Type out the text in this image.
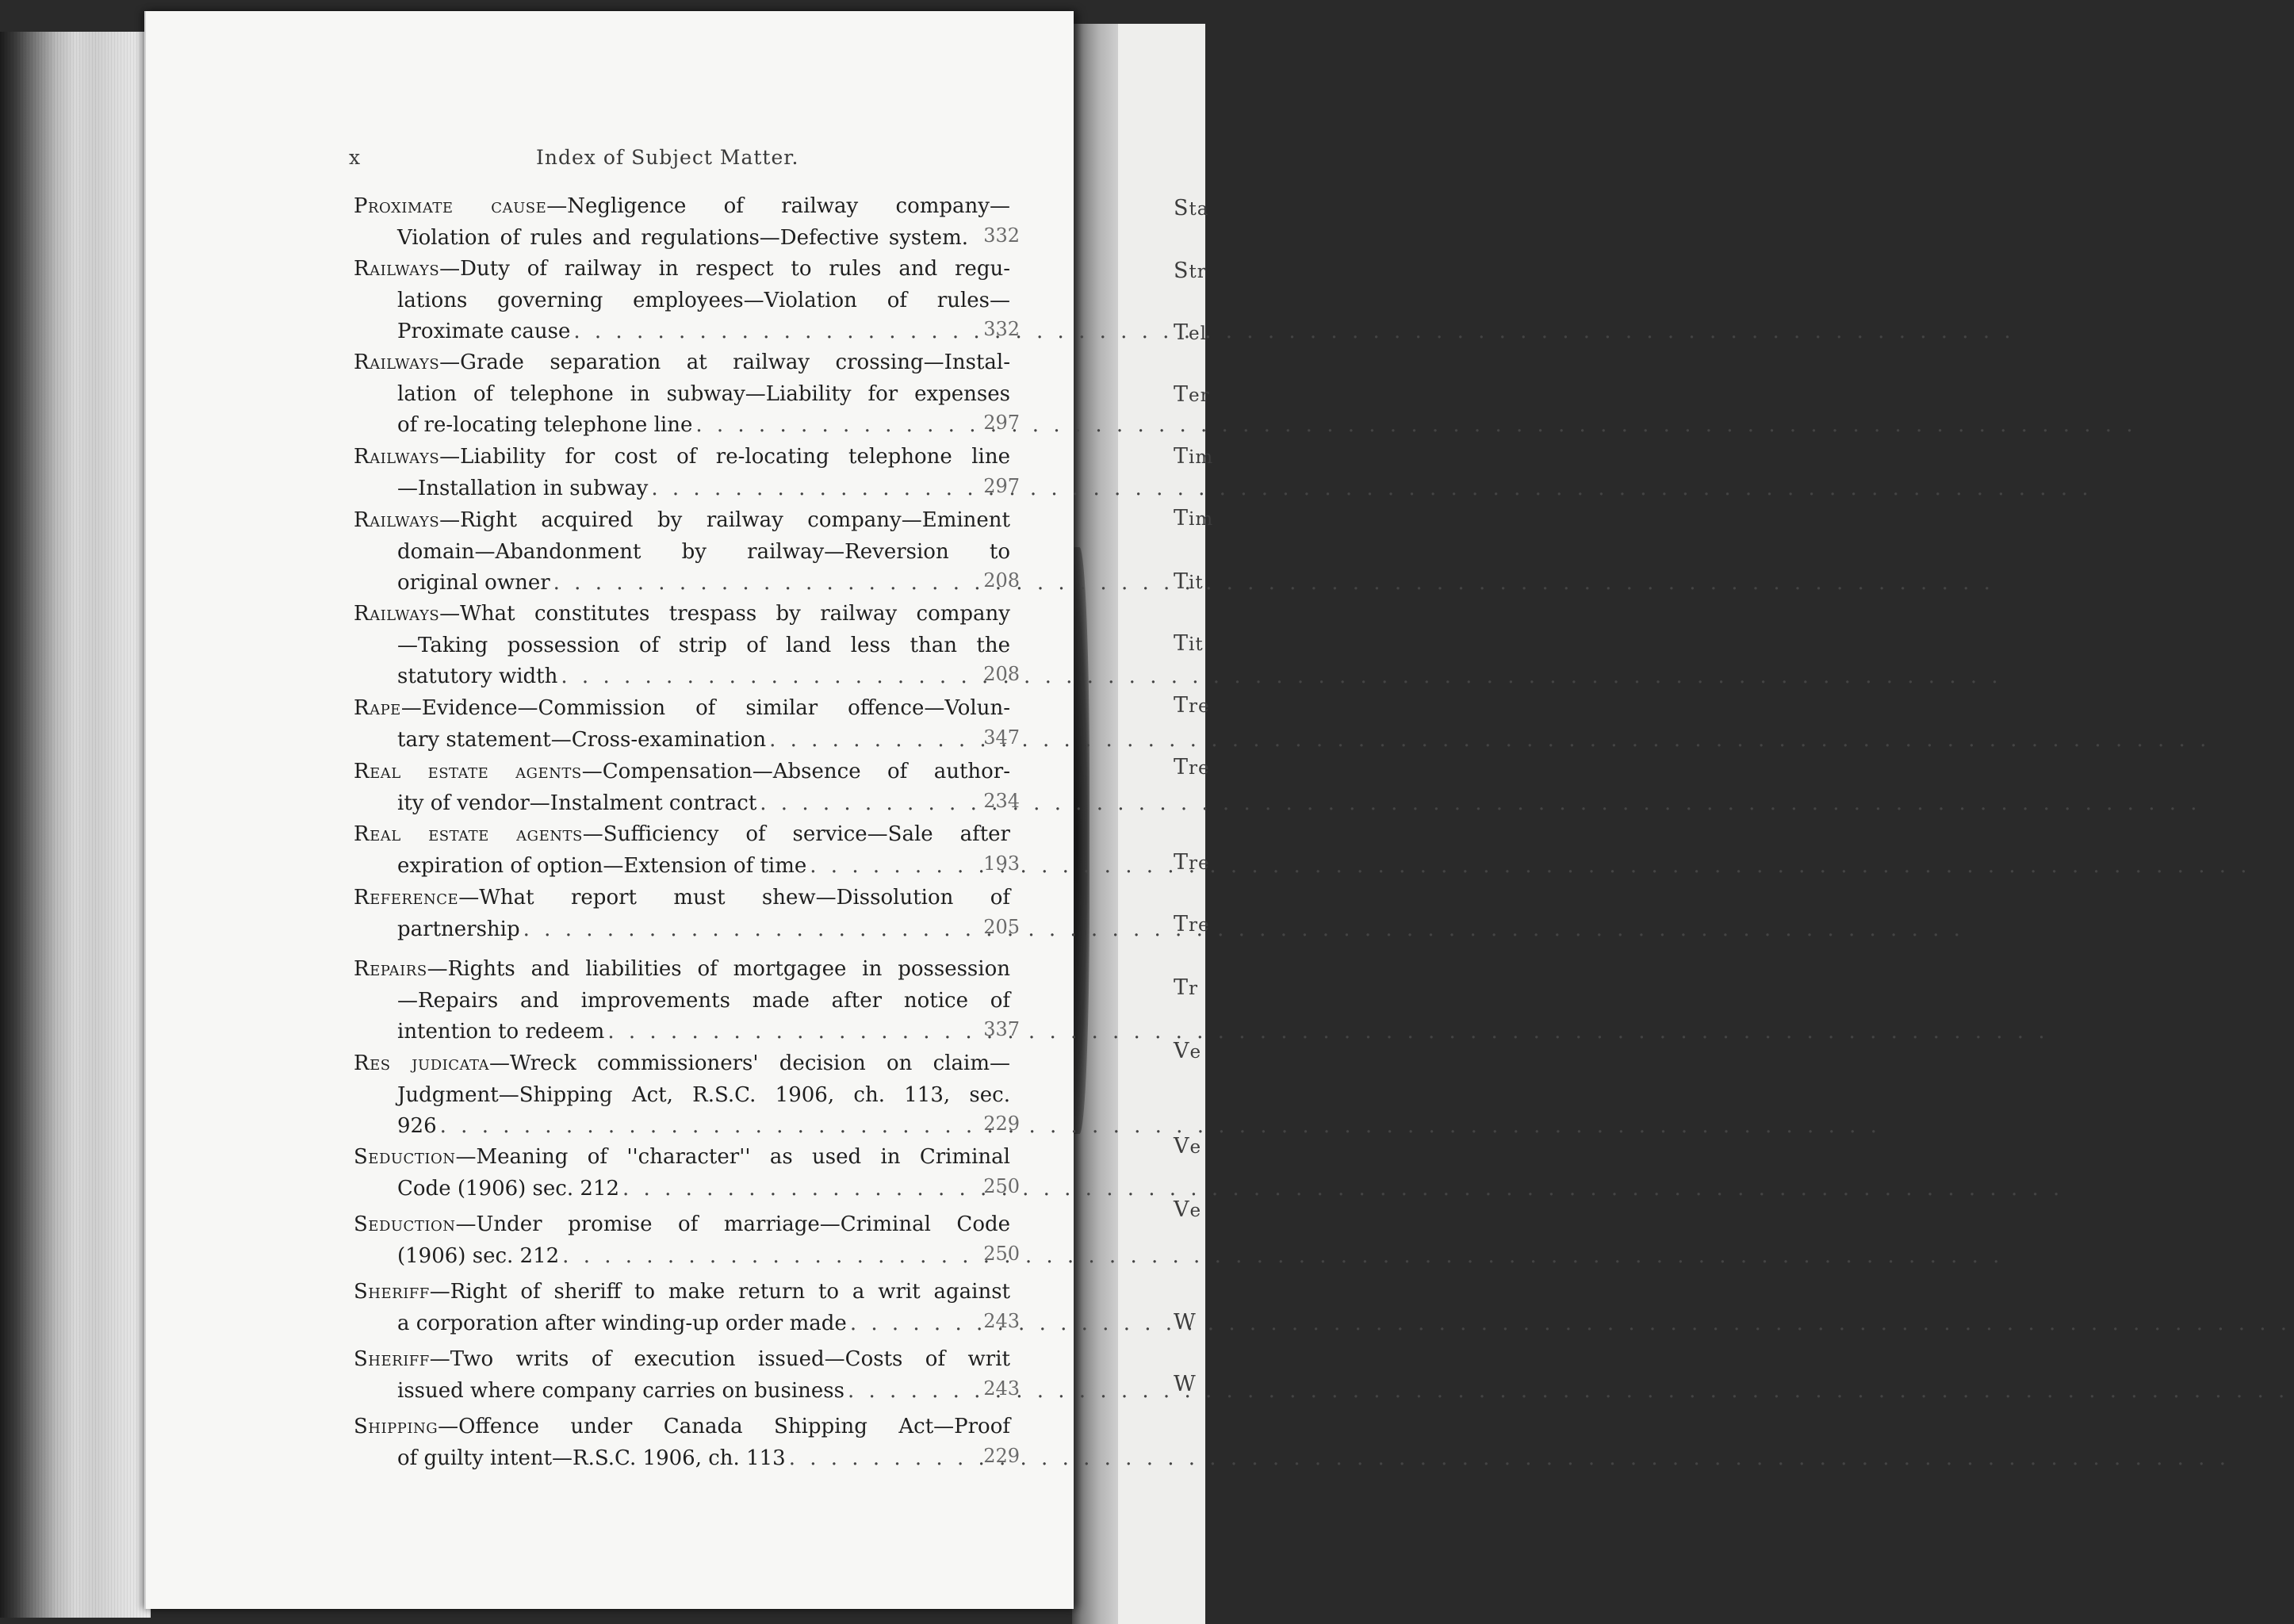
x	Index of Subject Matter.
Proximate cause—Negligence of railway company—
Violation of rules and regulations—Defective system.
Railways—Duty of railway in respect to rules and regu-
lations governing employees—Violation of rules—
Proximate cause
. . .
Railways—Grade separation at railway crossing—Instal-
lation of telephone in subway—Liability for expenses
of re-locating telephone line
. . .
Railways—Liability for cost of re-locating telephone line
—Installation in subway
. . .
Railways—Right acquired by railway company—Eminent
domain—Abandonment by railway—Reversion to
original owner
. . .
Railways—What constitutes trespass by railway company
—Taking possession of strip of land less than the
statutory width
. . .
Rape—Evidence—Commission of similar offence—Volun-
tary statement—Cross-examination
. . .
Real estate agents—Compensation—Absence of author-
ity of vendor—Instalment contract
. . .
Real estate agents—Sufficiency of service—Sale after
expiration of option—Extension of time
. . .
Reference—What report must shew—Dissolution of
partnership
. . .
Repairs—Rights and liabilities of mortgagee in possession
—Repairs and improvements made after notice of
intention to redeem
. . .
Res judicata—Wreck commissioners' decision on claim—
Judgment—Shipping Act, R.S.C. 1906, ch. 113, sec.
926
. . .
Seduction—Meaning of ''character'' as used in Criminal
Code (1906) sec. 212
. . .
Seduction—Under promise of marriage—Criminal Code
(1906) sec. 212
. . .
Sheriff—Right of sheriff to make return to a writ against
a corporation after winding-up order made
. . .
Sheriff—Two writs of execution issued—Costs of writ
issued where company carries on business
. . .
Shipping—Offence under Canada Shipping Act—Proof
of guilty intent—R.S.C. 1906, ch. 113
. . .
Sta
Str
Tel
Ter
Tim
Tim
Tit
Tit
Tre
Tre
Tre
Tre
Tr
Ve
Ve
Ve
W
W
332
332
297
297
208
208
347
234
193
205
337
229
250
250
243
243
229
